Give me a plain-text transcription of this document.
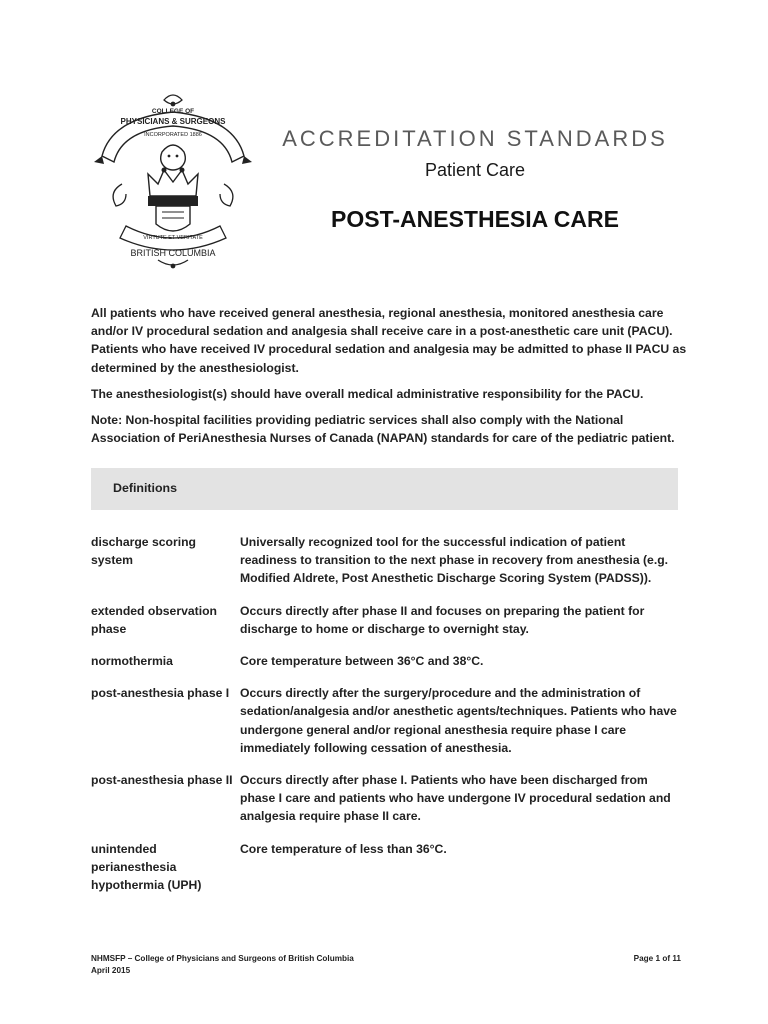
COLLEGE OF
PHYSICIANS & SURGEONS
INCORPORATED 1886
VIRTUTE ET VERITATE
BRITISH COLUMBIA
ACCREDITATION STANDARDS
Patient Care
POST-ANESTHESIA CARE

All patients who have received general anesthesia, regional anesthesia, monitored anesthesia care and/or IV procedural sedation and analgesia shall receive care in a post-anesthetic care unit (PACU). Patients who have received IV procedural sedation and analgesia may be admitted to phase II PACU as determined by the anesthesiologist.

The anesthesiologist(s) should have overall medical administrative responsibility for the PACU.

Note: Non-hospital facilities providing pediatric services shall also comply with the National Association of PeriAnesthesia Nurses of Canada (NAPAN) standards for care of the pediatric patient.

Definitions
discharge scoring system
Universally recognized tool for the successful indication of patient readiness to transition to the next phase in recovery from anesthesia (e.g. Modified Aldrete, Post Anesthetic Discharge Scoring System (PADSS)).
extended observation phase
Occurs directly after phase II and focuses on preparing the patient for discharge to home or discharge to overnight stay.
normothermia	Core temperature between 36°C and 38°C.
post-anesthesia phase I Occurs directly after the surgery/procedure and the administration of sedation/analgesia and/or anesthetic agents/techniques. Patients who have undergone general and/or regional anesthesia require phase I care immediately following cessation of anesthesia.
post-anesthesia phase II Occurs directly after phase I. Patients who have been discharged from phase I care and patients who have undergone IV procedural sedation and analgesia require phase II care.
unintended perianesthesia hypothermia (UPH)
Core temperature of less than 36°C.
NHMSFP – College of Physicians and Surgeons of British Columbia
April 2015
Page 1 of 11
